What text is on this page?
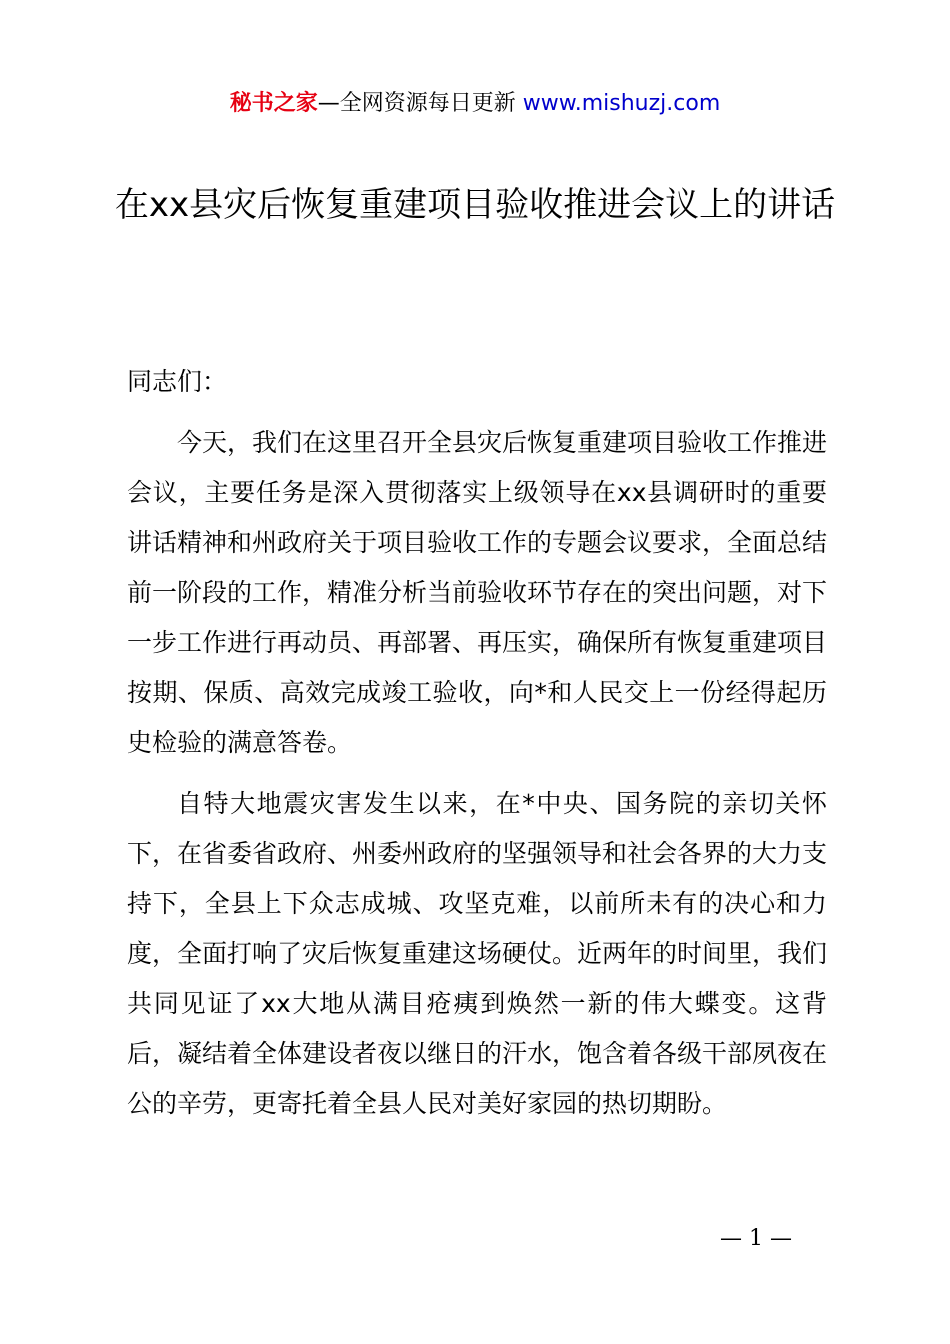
秘书之家—全网资源每日更新 www.mishuzj.com
在xx县灾后恢复重建项目验收推进会议上的讲话

同志们：

今天，我们在这里召开全县灾后恢复重建项目验收工作推进会议，主要任务是深入贯彻落实上级领导在xx县调研时的重要讲话精神和州政府关于项目验收工作的专题会议要求，全面总结前一阶段的工作，精准分析当前验收环节存在的突出问题，对下一步工作进行再动员、再部署、再压实，确保所有恢复重建项目按期、保质、高效完成竣工验收，向*和人民交上一份经得起历史检验的满意答卷。

自特大地震灾害发生以来，在*中央、国务院的亲切关怀下，在省委省政府、州委州政府的坚强领导和社会各界的大力支持下，全县上下众志成城、攻坚克难，以前所未有的决心和力度，全面打响了灾后恢复重建这场硬仗。近两年的时间里，我们共同见证了xx大地从满目疮痍到焕然一新的伟大蝶变。这背后，凝结着全体建设者夜以继日的汗水，饱含着各级干部夙夜在公的辛劳，更寄托着全县人民对美好家园的热切期盼。

— 1 —
